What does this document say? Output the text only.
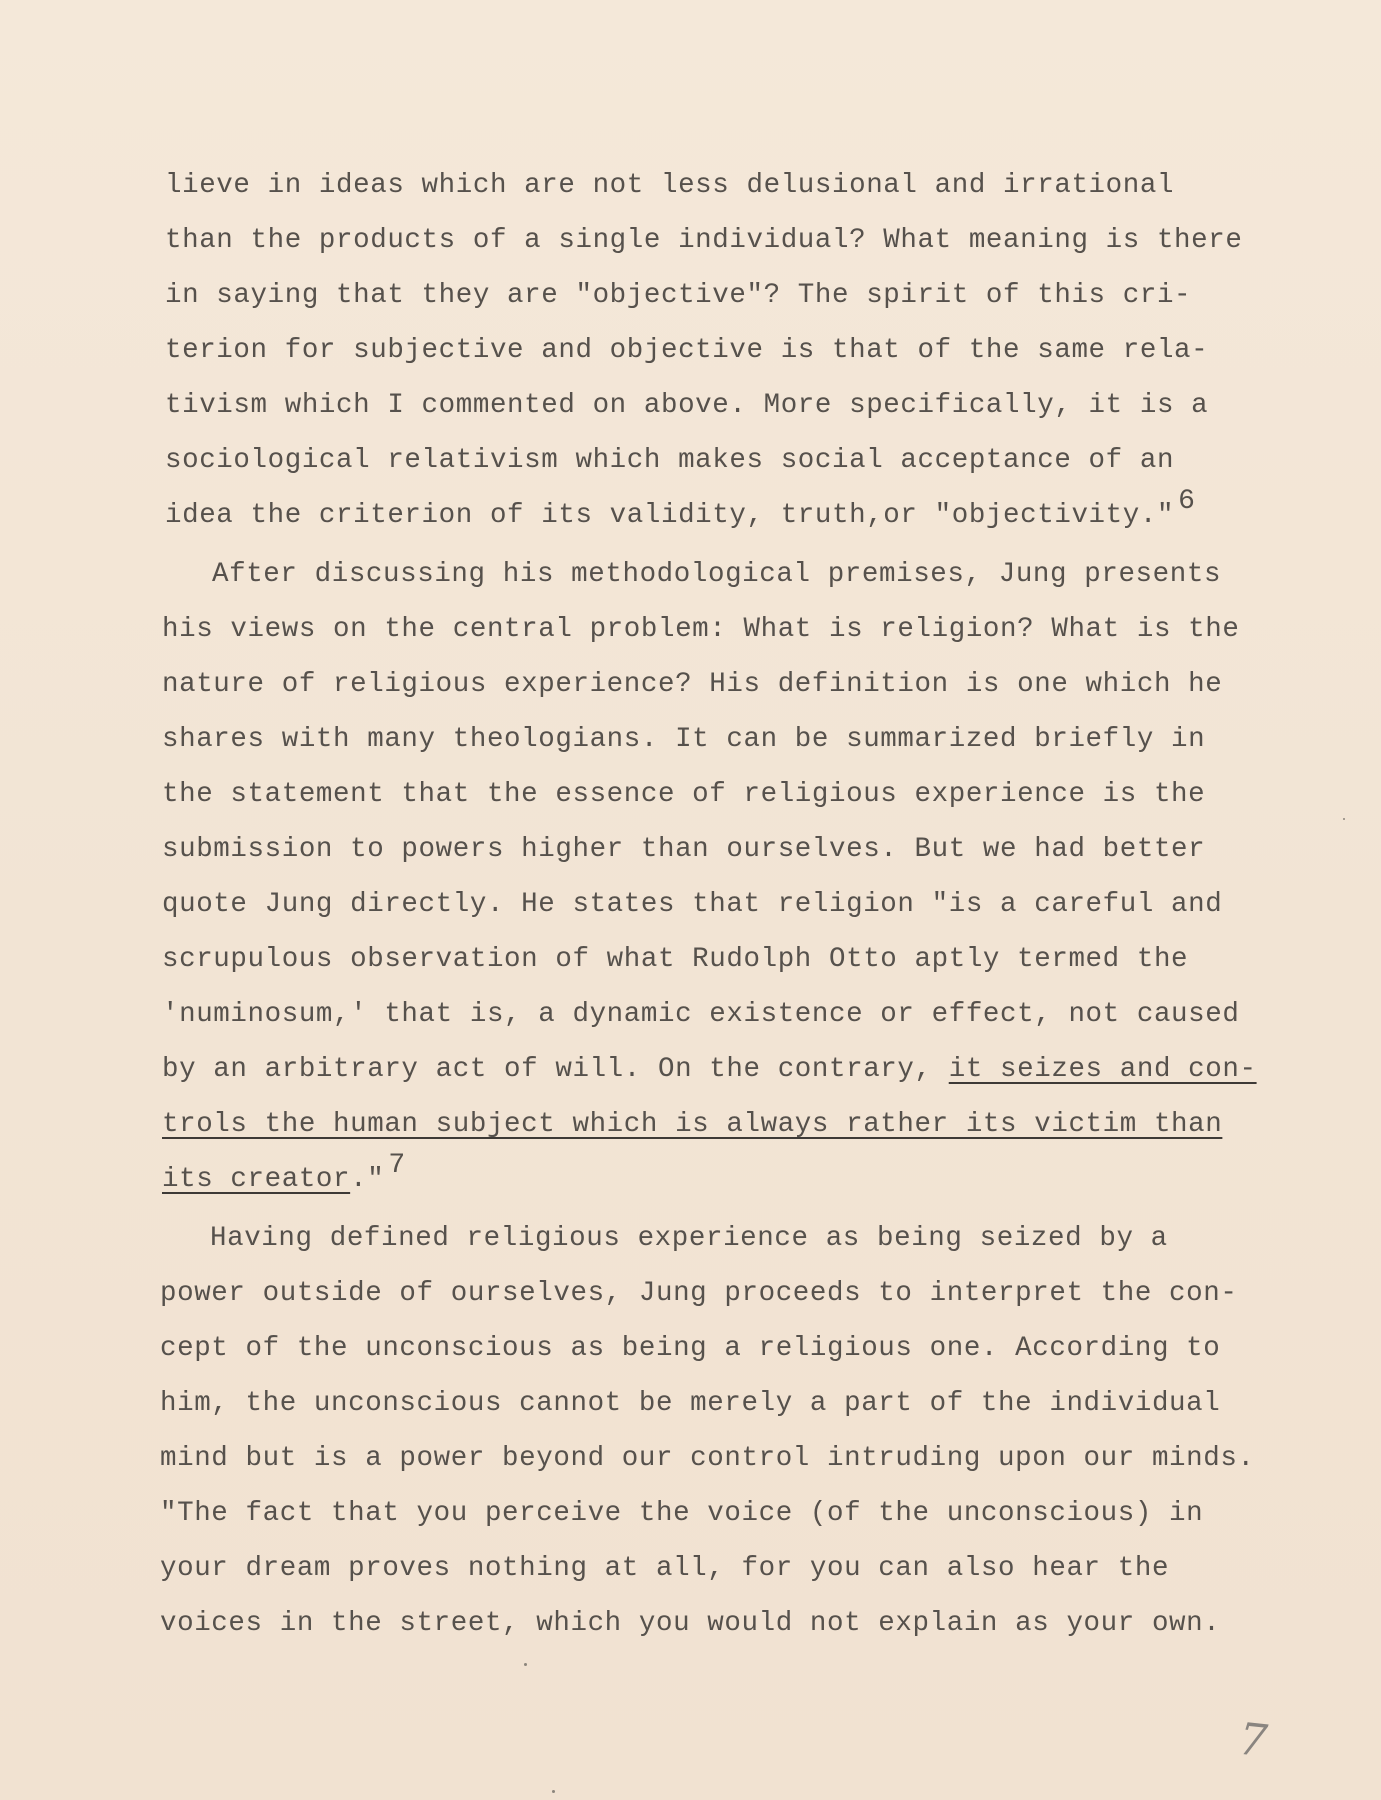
lieve in ideas which are not less delusional and irrational
than the products of a single individual? What meaning is there
in saying that they are "objective"? The spirit of this cri-
terion for subjective and objective is that of the same rela-
tivism which I commented on above. More specifically, it is a
sociological relativism which makes social acceptance of an
idea the criterion of its validity, truth,or "objectivity." 6
After discussing his methodological premises, Jung presents
his views on the central problem: What is religion? What is the
nature of religious experience? His definition is one which he
shares with many theologians. It can be summarized briefly in
the statement that the essence of religious experience is the
submission to powers higher than ourselves. But we had better
quote Jung directly. He states that religion "is a careful and
scrupulous observation of what Rudolph Otto aptly termed the
'numinosum,' that is, a dynamic existence or effect, not caused
by an arbitrary act of will. On the contrary, it seizes and con-
trols the human subject which is always rather its victim than
its creator." 7
Having defined religious experience as being seized by a
power outside of ourselves, Jung proceeds to interpret the con-
cept of the unconscious as being a religious one. According to
him, the unconscious cannot be merely a part of the individual
mind but is a power beyond our control intruding upon our minds.
"The fact that you perceive the voice (of the unconscious) in
your dream proves nothing at all, for you can also hear the
voices in the street, which you would not explain as your own.
7
